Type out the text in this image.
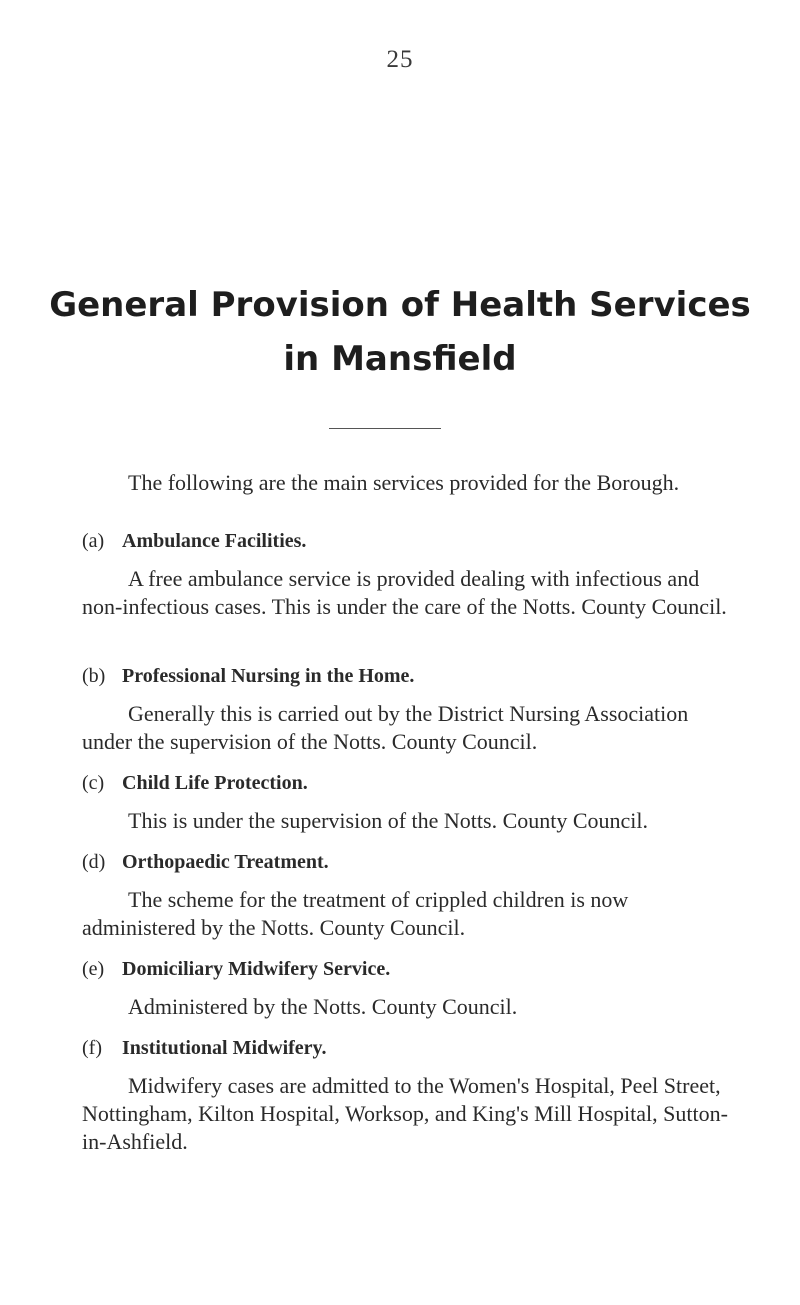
25
General Provision of Health Services
in Mansfield

The following are the main services provided for the Borough.

(a) Ambulance Facilities.

A free ambulance service is provided dealing with infectious and non-infectious cases. This is under the care of the Notts. County Council.

(b) Professional Nursing in the Home.

Generally this is carried out by the District Nursing Association under the supervision of the Notts. County Council.

(c) Child Life Protection.

This is under the supervision of the Notts. County Council.

(d) Orthopaedic Treatment.

The scheme for the treatment of crippled children is now administered by the Notts. County Council.

(e) Domiciliary Midwifery Service.

Administered by the Notts. County Council.

(f) Institutional Midwifery.

Midwifery cases are admitted to the Women's Hospital, Peel Street, Nottingham, Kilton Hospital, Worksop, and King's Mill Hospital, Sutton-in-Ashfield.
